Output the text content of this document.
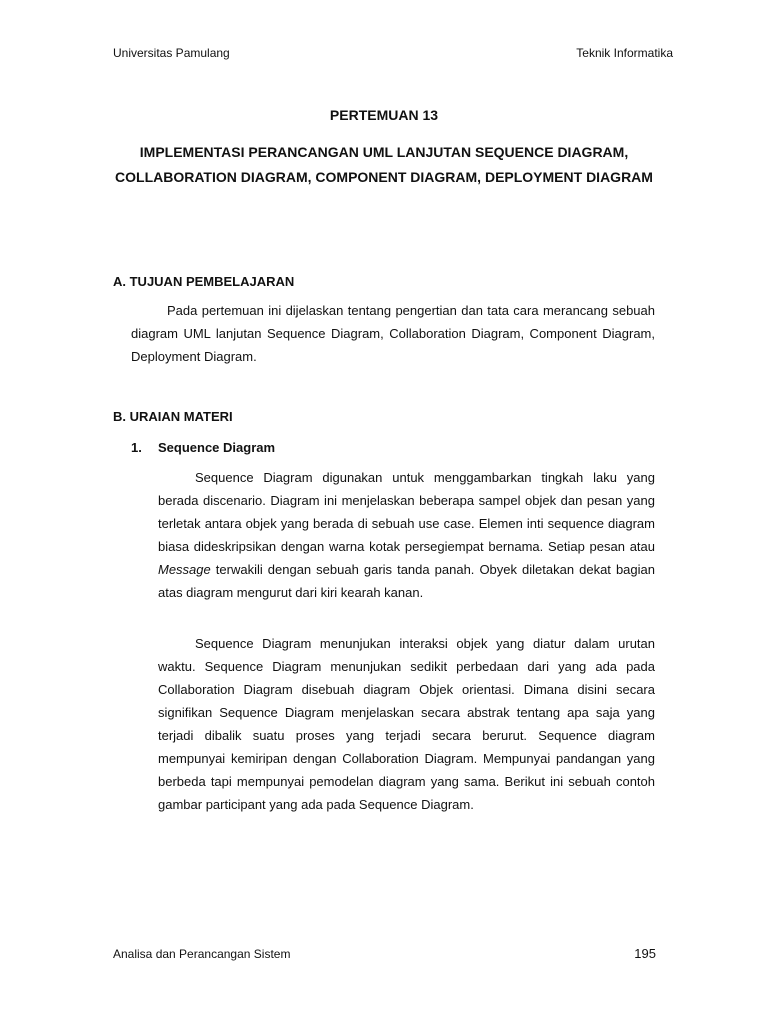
Universitas Pamulang	Teknik Informatika
PERTEMUAN 13
IMPLEMENTASI PERANCANGAN UML LANJUTAN SEQUENCE DIAGRAM, COLLABORATION DIAGRAM, COMPONENT DIAGRAM, DEPLOYMENT DIAGRAM
A. TUJUAN PEMBELAJARAN
Pada pertemuan ini dijelaskan tentang pengertian dan tata cara merancang sebuah diagram UML lanjutan Sequence Diagram, Collaboration Diagram, Component Diagram, Deployment Diagram.
B. URAIAN MATERI
1. Sequence Diagram
Sequence Diagram digunakan untuk menggambarkan tingkah laku yang berada discenario. Diagram ini menjelaskan beberapa sampel objek dan pesan yang terletak antara objek yang berada di sebuah use case. Elemen inti sequence diagram biasa dideskripsikan dengan warna kotak persegiempat bernama. Setiap pesan atau Message terwakili dengan sebuah garis tanda panah. Obyek diletakan dekat bagian atas diagram mengurut dari kiri kearah kanan.
Sequence Diagram menunjukan interaksi objek yang diatur dalam urutan waktu. Sequence Diagram menunjukan sedikit perbedaan dari yang ada pada Collaboration Diagram disebuah diagram Objek orientasi. Dimana disini secara signifikan Sequence Diagram menjelaskan secara abstrak tentang apa saja yang terjadi dibalik suatu proses yang terjadi secara berurut. Sequence diagram mempunyai kemiripan dengan Collaboration Diagram. Mempunyai pandangan yang berbeda tapi mempunyai pemodelan diagram yang sama. Berikut ini sebuah contoh gambar participant yang ada pada Sequence Diagram.
Analisa dan Perancangan Sistem	195
